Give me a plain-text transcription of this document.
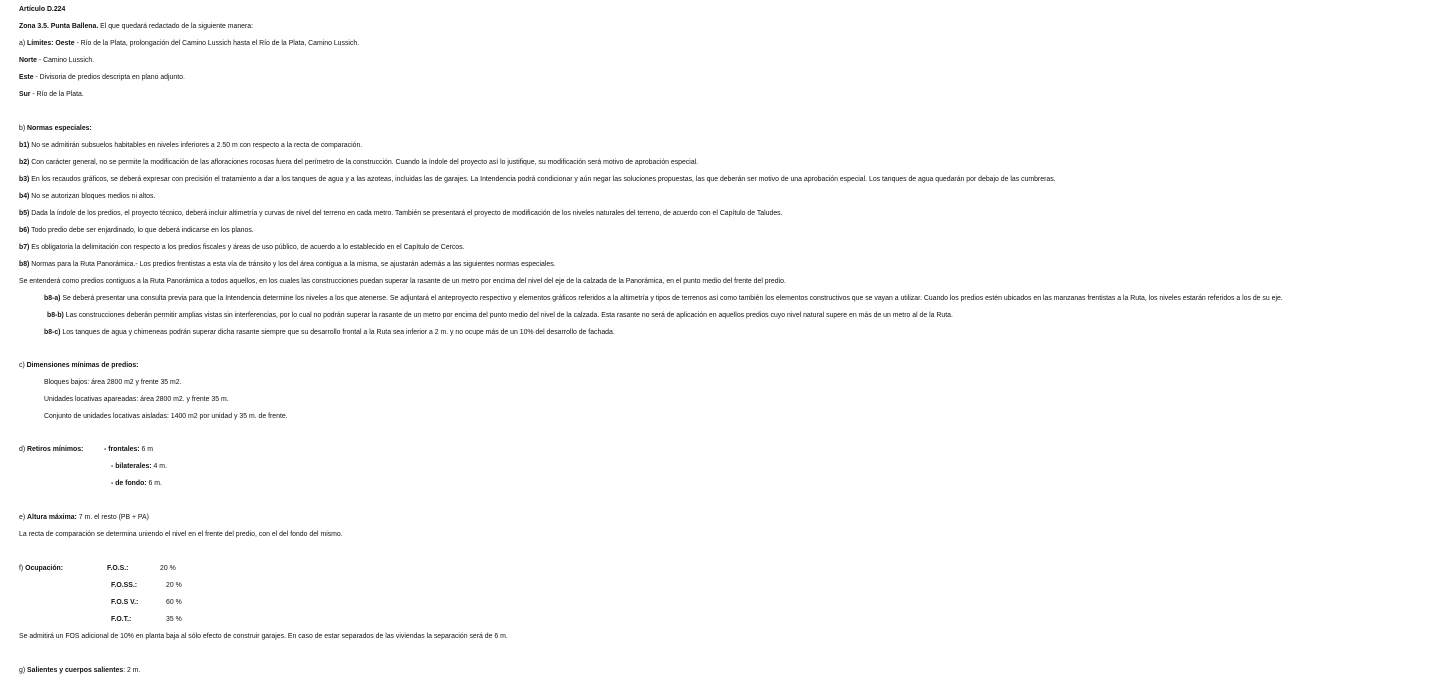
Artículo D.224
Zona 3.5. Punta Ballena. El que quedará redactado de la siguiente manera:
a) Límites: Oeste - Río de la Plata, prolongación del Camino Lussich hasta el Río de la Plata, Camino Lussich.
Norte - Camino Lussich.
Este - Divisoria de predios descripta en plano adjunto.
Sur - Río de la Plata.
b) Normas especiales:
b1) No se admitirán subsuelos habitables en niveles inferiores a 2.50 m con respecto a la recta de comparación.
b2) Con carácter general, no se permite la modificación de las afloraciones rocosas fuera del perímetro de la construcción. Cuando la índole del proyecto así lo justifique, su modificación será motivo de aprobación especial.
b3) En los recaudos gráficos, se deberá expresar con precisión el tratamiento a dar a los tanques de agua y a las azoteas, incluidas las de garajes. La Intendencia podrá condicionar y aún negar las soluciones propuestas, las que deberán ser motivo de una aprobación especial. Los tanques de agua quedarán por debajo de las cumbreras.
b4) No se autorizan bloques medios ni altos.
b5) Dada la índole de los predios, el proyecto técnico, deberá incluir altimetría y curvas de nivel del terreno en cada metro. También se presentará el proyecto de modificación de los niveles naturales del terreno, de acuerdo con el Capítulo de Taludes.
b6) Todo predio debe ser enjardinado, lo que deberá indicarse en los planos.
b7) Es obligatoria la delimitación con respecto a los predios fiscales y áreas de uso público, de acuerdo a lo establecido en el Capítulo de Cercos.
b8) Normas para la Ruta Panorámica.- Los predios frentistas a esta vía de tránsito y los del área contigua a la misma, se ajustarán además a las siguientes normas especiales.
Se entenderá como predios contiguos a la Ruta Panorámica a todos aquellos, en los cuales las construcciones puedan superar la rasante de un metro por encima del nivel del eje de la calzada de la Panorámica, en el punto medio del frente del predio.
b8-a) Se deberá presentar una consulta previa para que la Intendencia determine los niveles a los que atenerse. Se adjuntará el anteproyecto respectivo y elementos gráficos referidos a la altimetría y tipos de terrenos así como también los elementos constructivos que se vayan a utilizar. Cuando los predios estén ubicados en las manzanas frentistas a la Ruta, los niveles estarán referidos a los de su eje.
b8-b) Las construcciones deberán permitir amplias vistas sin interferencias, por lo cual no podrán superar la rasante de un metro por encima del punto medio del nivel de la calzada. Esta rasante no será de aplicación en aquellos predios cuyo nivel natural supere en más de un metro al de la Ruta.
b8-c) Los tanques de agua y chimeneas podrán superar dicha rasante siempre que su desarrollo frontal a la Ruta sea inferior a 2 m. y no ocupe más de un 10% del desarrollo de fachada.
c) Dimensiones mínimas de predios:
Bloques bajos: área 2800 m2 y frente 35 m2.
Unidades locativas apareadas: área 2800 m2. y frente 35 m.
Conjunto de unidades locativas aisladas: 1400 m2 por unidad y 35 m. de frente.
d) Retiros mínimos:	- frontales: 6 m
- bilaterales: 4 m.
- de fondo: 6 m.
e) Altura máxima: 7 m. el resto (PB + PA)
La recta de comparación se determina uniendo el nivel en el frente del predio, con el del fondo del mismo.
f) Ocupación:	F.O.S.:	20 %
F.O.SS.:	20 %
F.O.S V.:	60 %
F.O.T.:	35 %
Se admitirá un FOS adicional de 10% en planta baja al sólo efecto de construir garajes. En caso de estar separados de las viviendas la separación será de 6 m.
g) Salientes y cuerpos salientes: 2 m.
